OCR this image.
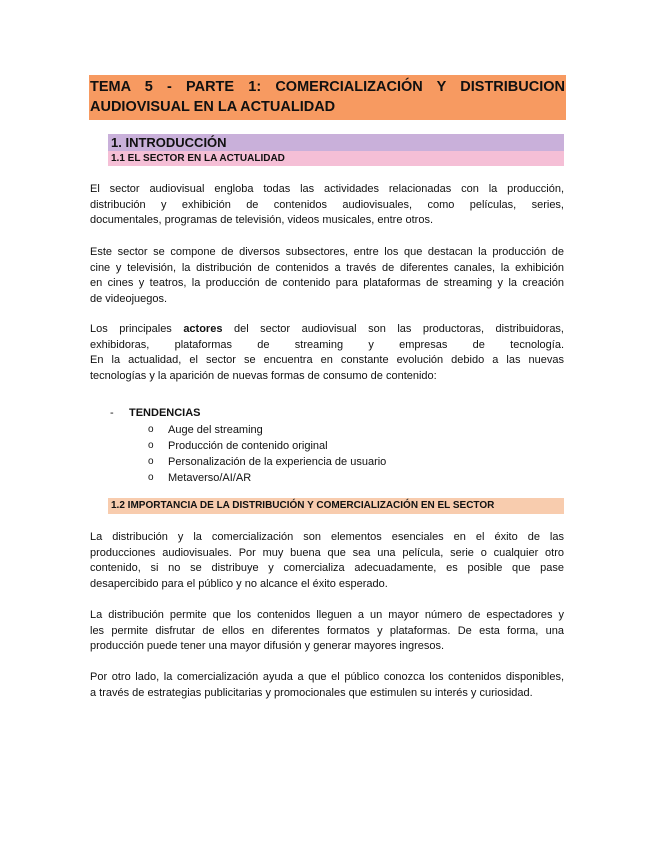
TEMA 5 - PARTE 1: COMERCIALIZACIÓN Y DISTRIBUCION
AUDIOVISUAL EN LA ACTUALIDAD
1. INTRODUCCIÓN
1.1 EL SECTOR EN LA ACTUALIDAD
El sector audiovisual engloba todas las actividades relacionadas con la producción,
distribución y exhibición de contenidos audiovisuales, como películas, series,
documentales, programas de televisión, videos musicales, entre otros.
Este sector se compone de diversos subsectores, entre los que destacan la producción de
cine y televisión, la distribución de contenidos a través de diferentes canales, la exhibición
en cines y teatros, la producción de contenido para plataformas de streaming y la creación
de videojuegos.
Los principales actores del sector audiovisual son las productoras, distribuidoras,
exhibidoras, plataformas de streaming y empresas de tecnología.
En la actualidad, el sector se encuentra en constante evolución debido a las nuevas
tecnologías y la aparición de nuevas formas de consumo de contenido:
- TENDENCIAS
o Auge del streaming
o Producción de contenido original
o Personalización de la experiencia de usuario
o Metaverso/AI/AR
1.2 IMPORTANCIA DE LA DISTRIBUCIÓN Y COMERCIALIZACIÓN EN EL SECTOR
La distribución y la comercialización son elementos esenciales en el éxito de las
producciones audiovisuales. Por muy buena que sea una película, serie o cualquier otro
contenido, si no se distribuye y comercializa adecuadamente, es posible que pase
desapercibido para el público y no alcance el éxito esperado.
La distribución permite que los contenidos lleguen a un mayor número de espectadores y
les permite disfrutar de ellos en diferentes formatos y plataformas. De esta forma, una
producción puede tener una mayor difusión y generar mayores ingresos.
Por otro lado, la comercialización ayuda a que el público conozca los contenidos disponibles,
a través de estrategias publicitarias y promocionales que estimulen su interés y curiosidad.
